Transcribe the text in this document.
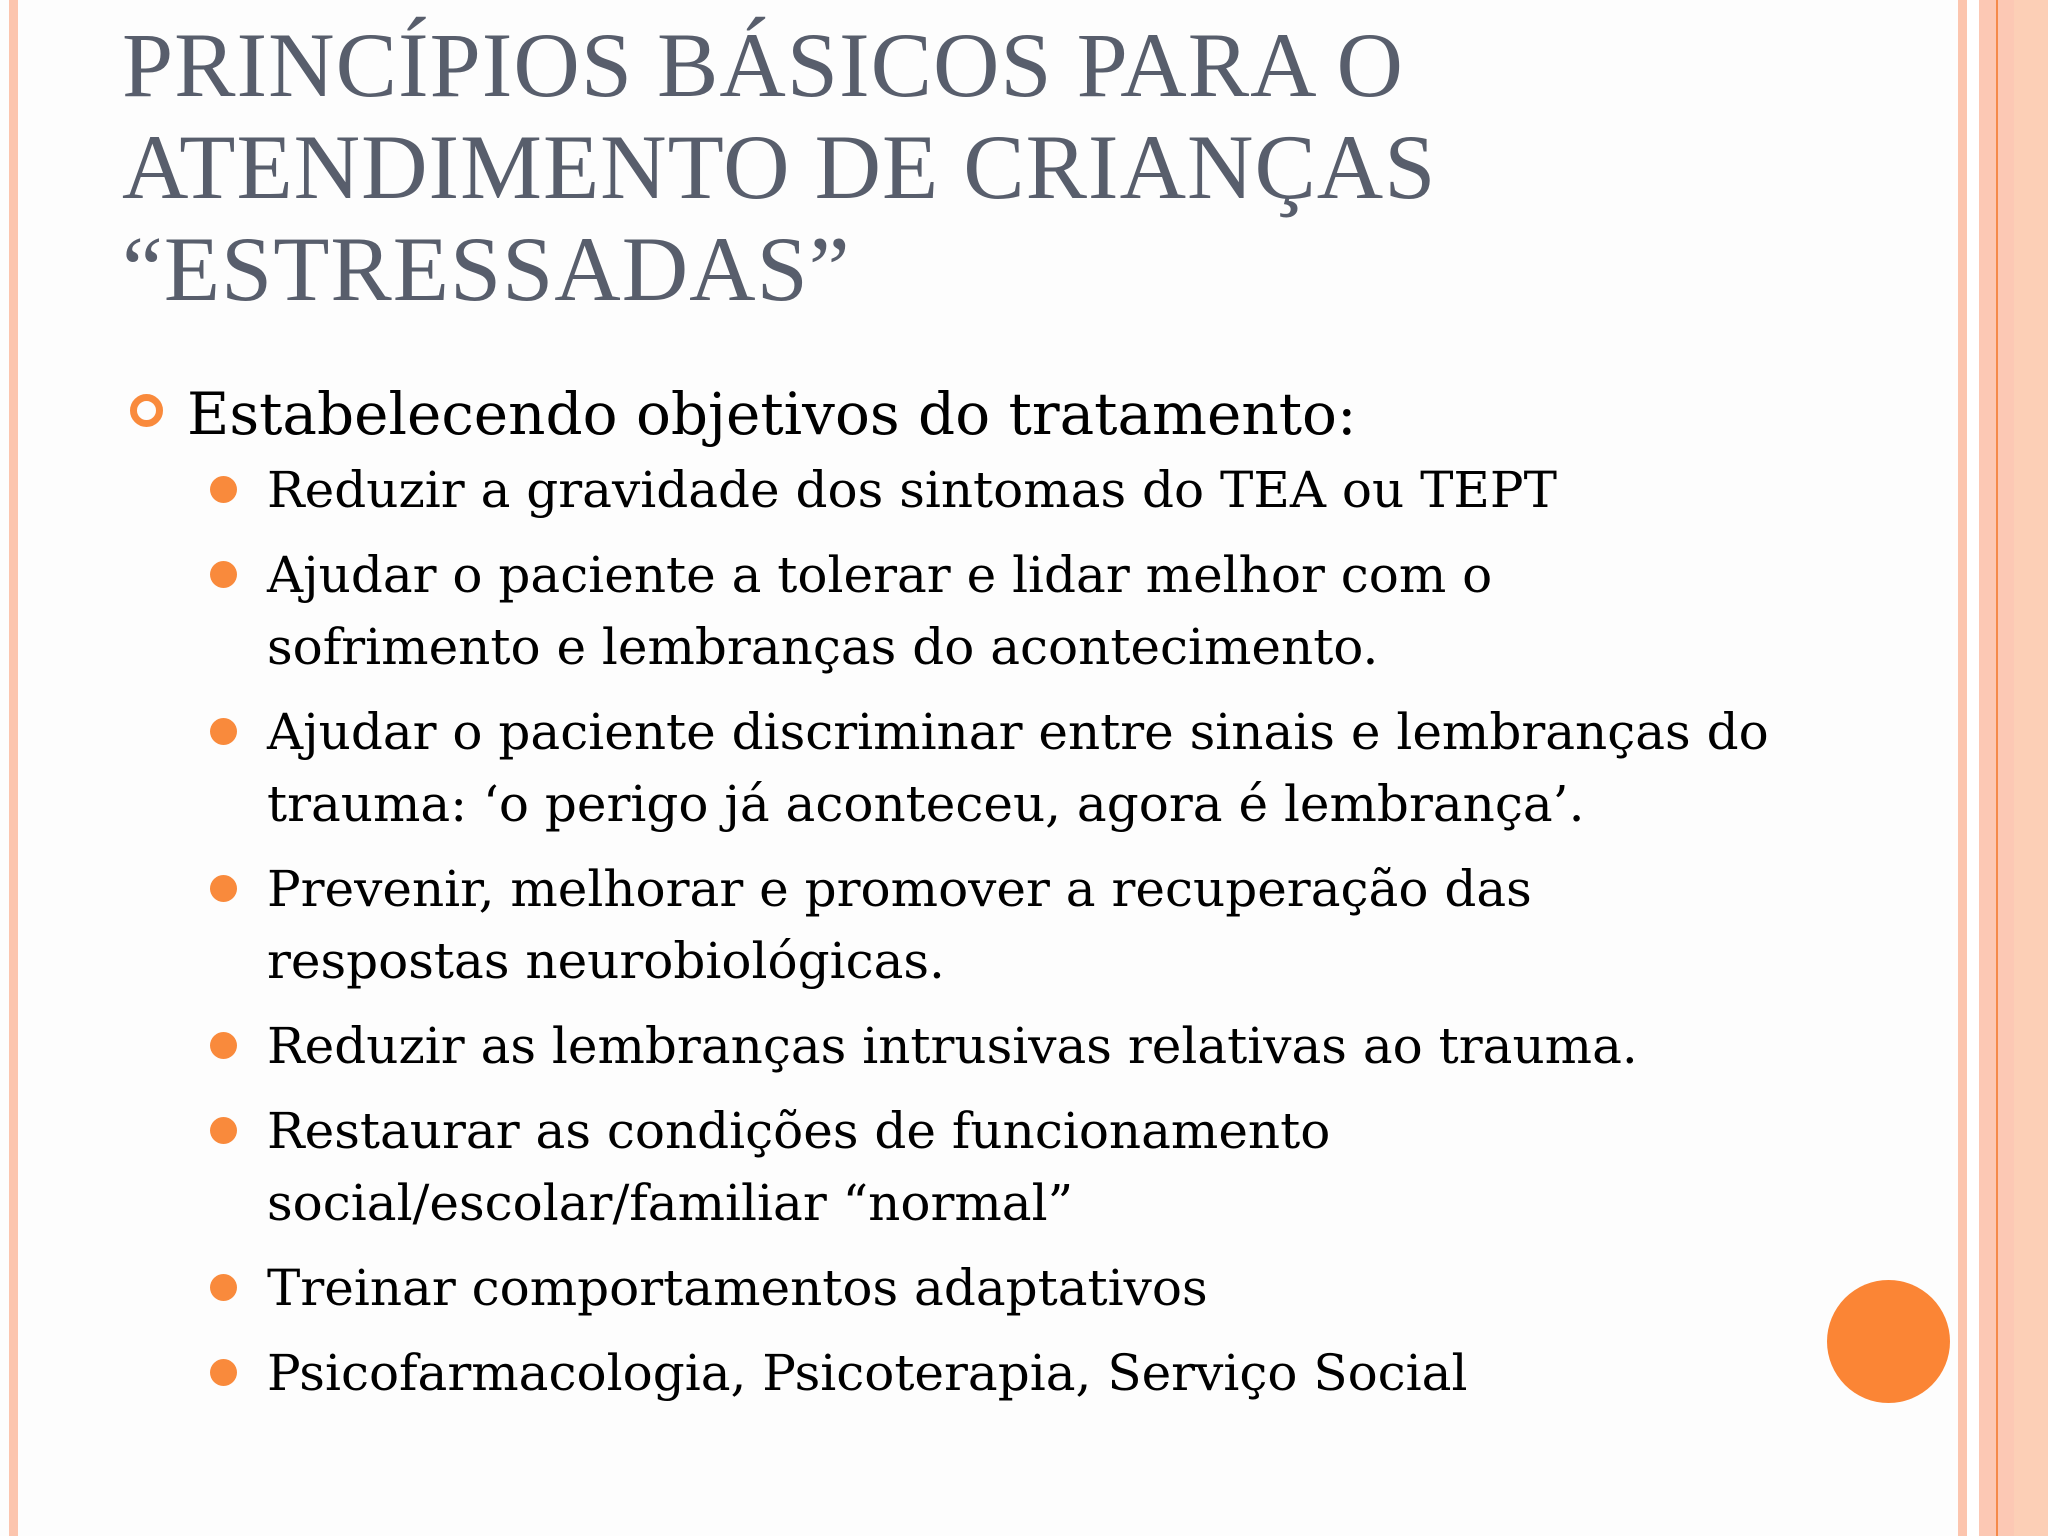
PRINCÍPIOS BÁSICOS PARA O
ATENDIMENTO DE CRIANÇAS
“ESTRESSADAS”
Estabelecendo objetivos do tratamento:
Reduzir a gravidade dos sintomas do TEA ou TEPT
Ajudar o paciente a tolerar e lidar melhor com o sofrimento e lembranças do acontecimento.
Ajudar o paciente discriminar entre sinais e lembranças do trauma: ‘o perigo já aconteceu, agora é lembrança’.
Prevenir, melhorar e promover a recuperação das respostas neurobiológicas.
Reduzir as lembranças intrusivas relativas ao trauma.
Restaurar as condições de funcionamento social/escolar/familiar “normal”
Treinar comportamentos adaptativos
Psicofarmacologia, Psicoterapia, Serviço Social
